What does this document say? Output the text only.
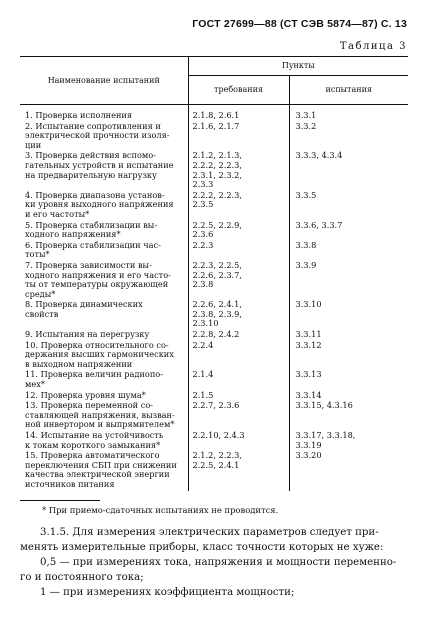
ГОСТ 27699—88 (СТ СЭВ 5874—87) С. 13
Таблица 3
Наименование испытаний	Пункты	
	требования	испытания

1. Проверка исполнения	2.1.8, 2.6.1	3.3.1

2. Испытание сопротивления и
электрической прочности изоля-
ции	2.1.6, 2.1.7	3.3.2

3. Проверка действия вспомо-
гательных устройств и испытание
на предварительную нагрузку	2.1.2, 2.1.3,
2.2.2, 2.2.3,
2.3.1, 2.3.2,
2.3.3	3.3.3, 4.3.4

4. Проверка диапазона установ-
ки уровня выходного напряжения
и его частоты*	2.2.2, 2.2.3,
2.3.5	3.3.5

5. Проверка стабилизации вы-
ходного напряжения*	2.2.5, 2.2.9,
2.3.6	3.3.6, 3.3.7

6. Проверка стабилизации час-
тоты*	2.2.3	3.3.8

7. Проверка зависимости вы-
ходного напряжения и его часто-
ты от температуры окружающей
среды*	2.2.3, 2.2.5,
2.2.6, 2.3.7,
2.3.8	3.3.9

8. Проверка динамических
свойств	2.2.6, 2.4.1,
2.3.8, 2.3.9,
2.3.10	3.3.10

9. Испытания на перегрузку	2.2.8, 2.4.2	3.3.11

10. Проверка относительного со-
держания высших гармонических
в выходном напряжении	2.2.4	3.3.12

11. Проверка величин радиопо-
мех*	2.1.4	3.3.13

12. Проверка уровня шума*	2.1.5	3.3.14

13. Проверка переменной со-
ставляющей напряжения, вызван-
ной инвертором и выпрямителем*	2.2.7, 2.3.6	3.3.15, 4.3.16

14. Испытание на устойчивость
к токам короткого замыкания*	2.2.10, 2.4.3	3.3.17, 3.3.18,
3.3.19

15. Проверка автоматического
переключения СБП при снижении
качества электрической энергии
источников питания	2.1.2, 2.2.3,
2.2.5, 2.4.1	3.3.20
* При приемо-сдаточных испытаниях не проводится.
3.1.5. Для измерения электрических параметров следует при-
менять измерительные приборы, класс точности которых не хуже:
0,5 — при измерениях тока, напряжения и мощности переменно-
го и постоянного тока;
1 — при измерениях коэффициента мощности;
